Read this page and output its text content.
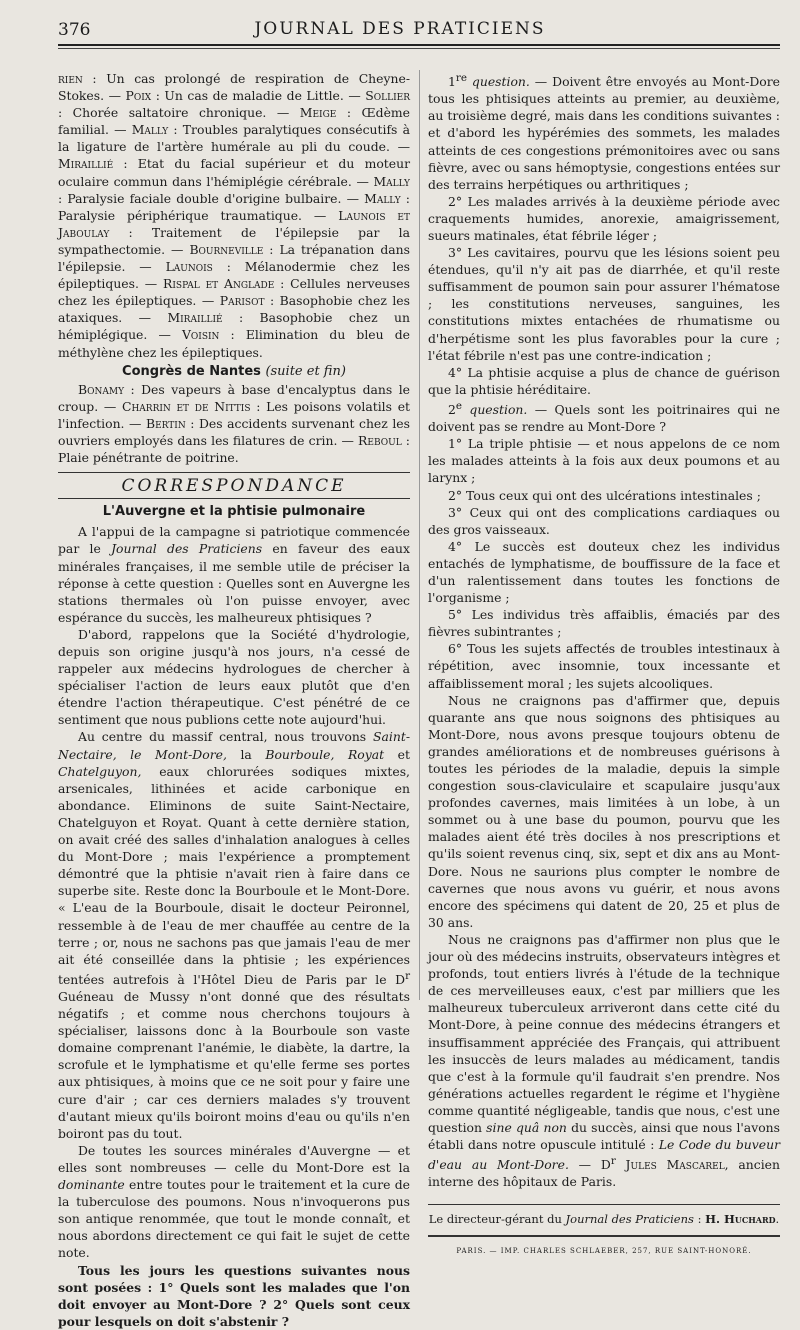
376	JOURNAL DES PRATICIENS

rien : Un cas prolongé de respiration de Cheyne-Stokes. — Poix : Un cas de maladie de Little. — Sollier : Chorée saltatoire chronique. — Meige : Œdème familial. — Mally : Troubles paralytiques consécutifs à la ligature de l'artère humérale au pli du coude. — Miraillié : Etat du facial supérieur et du moteur oculaire commun dans l'hémiplégie cérébrale. — Mally : Paralysie faciale double d'origine bulbaire. — Mally : Paralysie périphérique traumatique. — Launois et Jaboulay : Traitement de l'épilepsie par la sympathectomie. — Bourneville : La trépanation dans l'épilepsie. — Launois : Mélanodermie chez les épileptiques. — Rispal et Anglade : Cellules nerveuses chez les épileptiques. — Parisot : Basophobie chez les ataxiques. — Miraillié : Basophobie chez un hémiplégique. — Voisin : Elimination du bleu de méthylène chez les épileptiques.

Congrès de Nantes (suite et fin)

Bonamy : Des vapeurs à base d'encalyptus dans le croup. — Charrin et de Nittis : Les poisons volatils et l'infection. — Bertin : Des accidents survenant chez les ouvriers employés dans les filatures de crin. — Reboul : Plaie pénétrante de poitrine.

CORRESPONDANCE
L'Auvergne et la phtisie pulmonaire

A l'appui de la campagne si patriotique commencée par le Journal des Praticiens en faveur des eaux minérales françaises, il me semble utile de préciser la réponse à cette question : Quelles sont en Auvergne les stations thermales où l'on puisse envoyer, avec espérance du succès, les malheureux phtisiques ?

D'abord, rappelons que la Société d'hydrologie, depuis son origine jusqu'à nos jours, n'a cessé de rappeler aux médecins hydrologues de chercher à spécialiser l'action de leurs eaux plutôt que d'en étendre l'action thérapeutique. C'est pénétré de ce sentiment que nous publions cette note aujourd'hui.

Au centre du massif central, nous trouvons Saint-Nectaire, le Mont-Dore, la Bourboule, Royat et Chatelguyon, eaux chlorurées sodiques mixtes, arsenicales, lithinées et acide carbonique en abondance. Eliminons de suite Saint-Nectaire, Chatelguyon et Royat. Quant à cette dernière station, on avait créé des salles d'inhalation analogues à celles du Mont-Dore ; mais l'expérience a promptement démontré que la phtisie n'avait rien à faire dans ce superbe site. Reste donc la Bourboule et le Mont-Dore. « L'eau de la Bourboule, disait le docteur Peironnel, ressemble à de l'eau de mer chauffée au centre de la terre ; or, nous ne sachons pas que jamais l'eau de mer ait été conseillée dans la phtisie ; les expériences tentées autrefois à l'Hôtel Dieu de Paris par le $D^r$ Guéneau de Mussy n'ont donné que des résultats négatifs ; et comme nous cherchons toujours à spécialiser, laissons donc à la Bourboule son vaste domaine comprenant l'anémie, le diabète, la dartre, la scrofule et le lymphatisme et qu'elle ferme ses portes aux phtisiques, à moins que ce ne soit pour y faire une cure d'air ; car ces derniers malades s'y trouvent d'autant mieux qu'ils boiront moins d'eau ou qu'ils n'en boiront pas du tout.

De toutes les sources minérales d'Auvergne — et elles sont nombreuses — celle du Mont-Dore est la dominante entre toutes pour le traitement et la cure de la tuberculose des poumons. Nous n'invoquerons pus son antique renommée, que tout le monde connaît, et nous abordons directement ce qui fait le sujet de cette note.

Tous les jours les questions suivantes nous sont posées : 1° Quels sont les malades que l'on doit envoyer au Mont-Dore ? 2° Quels sont ceux pour lesquels on doit s'abstenir ?

1re question. — Doivent être envoyés au Mont-Dore tous les phtisiques atteints au premier, au deuxième, au troisième degré, mais dans les conditions suivantes : et d'abord les hypérémies des sommets, les malades atteints de ces congestions prémonitoires avec ou sans fièvre, avec ou sans hémoptysie, congestions entées sur des terrains herpétiques ou arthritiques ;

2° Les malades arrivés à la deuxième période avec craquements humides, anorexie, amaigrissement, sueurs matinales, état fébrile léger ;

3° Les cavitaires, pourvu que les lésions soient peu étendues, qu'il n'y ait pas de diarrhée, et qu'il reste suffisamment de poumon sain pour assurer l'hématose ; les constitutions nerveuses, sanguines, les constitutions mixtes entachées de rhumatisme ou d'herpétisme sont les plus favorables pour la cure ; l'état fébrile n'est pas une contre-indication ;

4° La phtisie acquise a plus de chance de guérison que la phtisie héréditaire.

2e question. — Quels sont les poitrinaires qui ne doivent pas se rendre au Mont-Dore ?

1° La triple phtisie — et nous appelons de ce nom les malades atteints à la fois aux deux poumons et au larynx ;

2° Tous ceux qui ont des ulcérations intestinales ;

3° Ceux qui ont des complications cardiaques ou des gros vaisseaux.

4° Le succès est douteux chez les individus entachés de lymphatisme, de bouffissure de la face et d'un ralentissement dans toutes les fonctions de l'organisme ;

5° Les individus très affaiblis, émaciés par des fièvres subintrantes ;

6° Tous les sujets affectés de troubles intestinaux à répétition, avec insomnie, toux incessante et affaiblissement moral ; les sujets alcooliques.

Nous ne craignons pas d'affirmer que, depuis quarante ans que nous soignons des phtisiques au Mont-Dore, nous avons presque toujours obtenu de grandes améliorations et de nombreuses guérisons à toutes les périodes de la maladie, depuis la simple congestion sous-claviculaire et scapulaire jusqu'aux profondes cavernes, mais limitées à un lobe, à un sommet ou à une base du poumon, pourvu que les malades aient été très dociles à nos prescriptions et qu'ils soient revenus cinq, six, sept et dix ans au Mont-Dore. Nous ne saurions plus compter le nombre de cavernes que nous avons vu guérir, et nous avons encore des spécimens qui datent de 20, 25 et plus de 30 ans.

Nous ne craignons pas d'affirmer non plus que le jour où des médecins instruits, observateurs intègres et profonds, tout entiers livrés à l'étude de la technique de ces merveilleuses eaux, c'est par milliers que les malheureux tuberculeux arriveront dans cette cité du Mont-Dore, à peine connue des médecins étrangers et insuffisamment appréciée des Français, qui attribuent les insuccès de leurs malades au médicament, tandis que c'est à la formule qu'il faudrait s'en prendre. Nos générations actuelles regardent le régime et l'hygiène comme quantité négligeable, tandis que nous, c'est une question sine quâ non du succès, ainsi que nous l'avons établi dans notre opuscule intitulé : Le Code du buveur d'eau au Mont-Dore. — $D^r$ Jules Mascarel, ancien interne des hôpitaux de Paris.

Le directeur-gérant du Journal des Praticiens : H. Huchard.
PARIS. — IMP. CHARLES SCHLAEBER, 257, RUE SAINT-HONORÉ.
